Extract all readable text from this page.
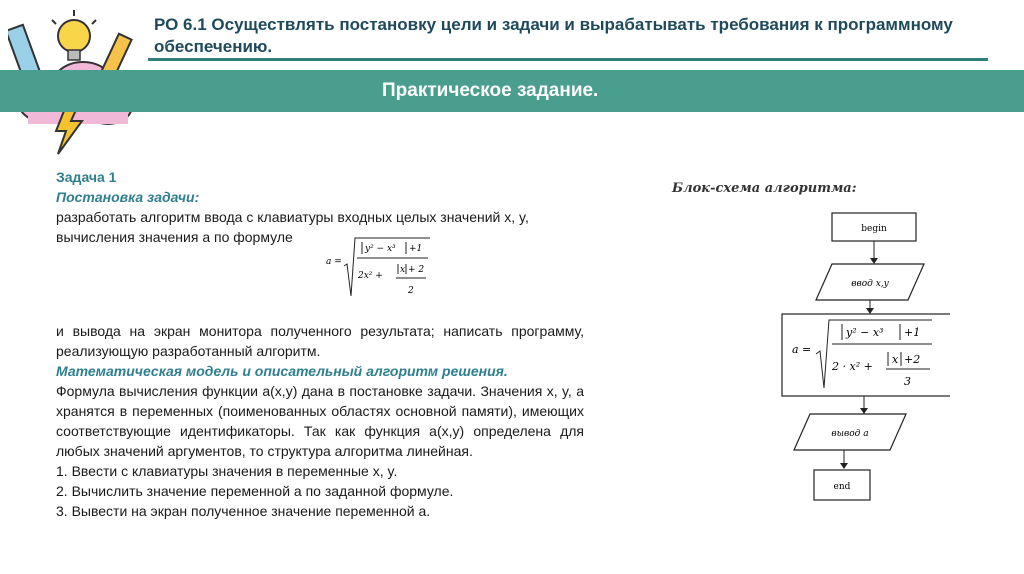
РО 6.1 Осуществлять постановку цели и задачи и вырабатывать требования к программному обеспечению.
Практическое задание.
Задача 1
Постановка задачи:
разработать алгоритм ввода с клавиатуры входных целых значений x, y,
вычисления значения a по формуле
и вывода на экран монитора полученного результата; написать программу, реализующую разработанный алгоритм.
Математическая модель и описательный алгоритм решения.
Формула вычисления функции a(x,y) дана в постановке задачи. Значения x, y, a хранятся в переменных (поименованных областях основной памяти), имеющих соответствующие идентификаторы. Так как функция a(x,y) определена для любых значений аргументов, то структура алгоритма линейная.
1. Ввести с клавиатуры значения в переменные x, y.
2. Вычислить значение переменной a по заданной формуле.
3. Вывести на экран полученное значение переменной a.
a =
y² − x³ +1
2x² +
x + 2
2
Блок-схема алгоритма:
begin
ввод x,y
a =
y² − x³ +1
2 · x² +
x +2
3
вывод a
end
